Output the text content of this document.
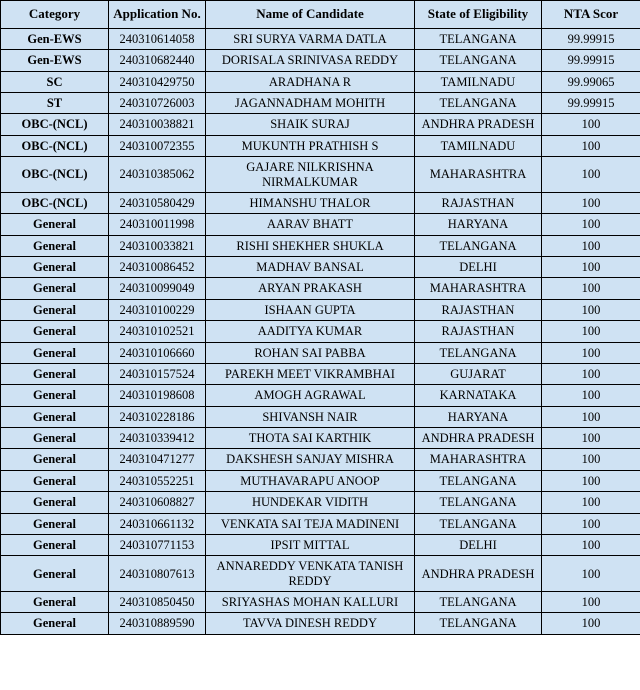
Category	Application No.	Name of Candidate	State of Eligibility	NTA Scor
Gen-EWS	240310614058	SRI SURYA VARMA DATLA	TELANGANA	99.99915
Gen-EWS	240310682440	DORISALA SRINIVASA REDDY	TELANGANA	99.99915
SC	240310429750	ARADHANA R	TAMILNADU	99.99065
ST	240310726003	JAGANNADHAM MOHITH	TELANGANA	99.99915
OBC-(NCL)	240310038821	SHAIK SURAJ	ANDHRA PRADESH	100
OBC-(NCL)	240310072355	MUKUNTH PRATHISH S	TAMILNADU	100
OBC-(NCL)	240310385062	GAJARE NILKRISHNA NIRMALKUMAR	MAHARASHTRA	100
OBC-(NCL)	240310580429	HIMANSHU THALOR	RAJASTHAN	100
General	240310011998	AARAV BHATT	HARYANA	100
General	240310033821	RISHI SHEKHER SHUKLA	TELANGANA	100
General	240310086452	MADHAV BANSAL	DELHI	100
General	240310099049	ARYAN PRAKASH	MAHARASHTRA	100
General	240310100229	ISHAAN GUPTA	RAJASTHAN	100
General	240310102521	AADITYA KUMAR	RAJASTHAN	100
General	240310106660	ROHAN SAI PABBA	TELANGANA	100
General	240310157524	PAREKH MEET VIKRAMBHAI	GUJARAT	100
General	240310198608	AMOGH AGRAWAL	KARNATAKA	100
General	240310228186	SHIVANSH NAIR	HARYANA	100
General	240310339412	THOTA SAI KARTHIK	ANDHRA PRADESH	100
General	240310471277	DAKSHESH SANJAY MISHRA	MAHARASHTRA	100
General	240310552251	MUTHAVARAPU ANOOP	TELANGANA	100
General	240310608827	HUNDEKAR VIDITH	TELANGANA	100
General	240310661132	VENKATA SAI TEJA MADINENI	TELANGANA	100
General	240310771153	IPSIT MITTAL	DELHI	100
General	240310807613	ANNAREDDY VENKATA TANISH REDDY	ANDHRA PRADESH	100
General	240310850450	SRIYASHAS MOHAN KALLURI	TELANGANA	100
General	240310889590	TAVVA DINESH REDDY	TELANGANA	100
